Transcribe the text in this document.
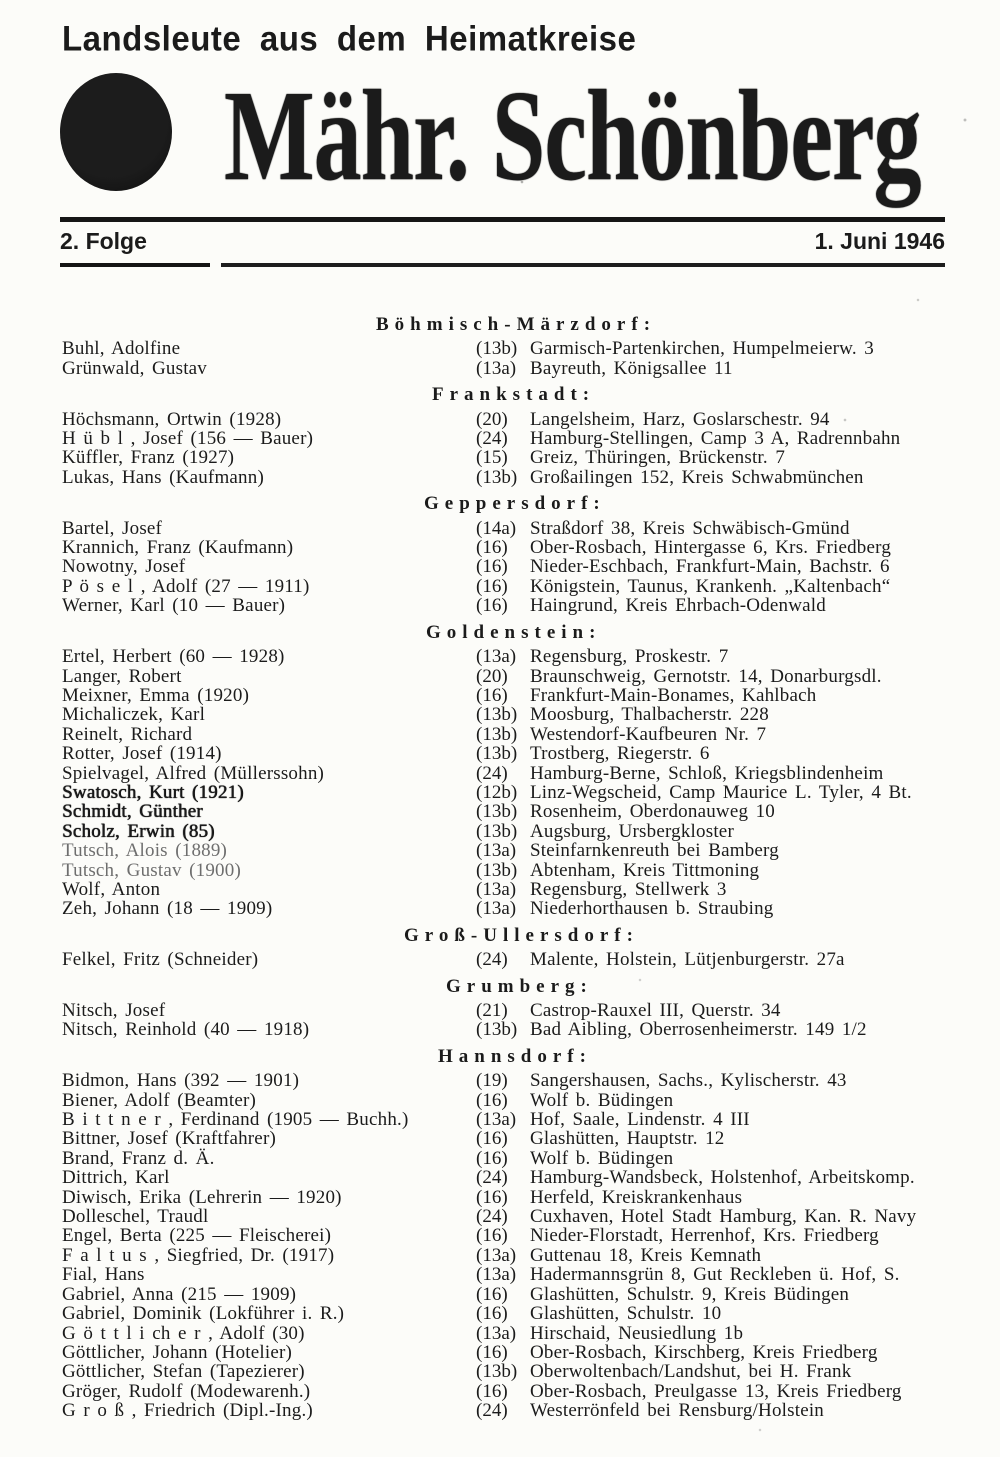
Landsleute aus dem Heimatkreise
Mähr. Schönberg
2. Folge	1. Juni 1946
Böhmisch-Märzdorf:
Buhl, Adolfine	(13b) Garmisch-Partenkirchen, Humpelmeierw. 3
Grünwald, Gustav	(13a) Bayreuth, Königsallee 11
Frankstadt:
Höchsmann, Ortwin (1928)	(20)	Langelsheim, Harz, Goslarschestr. 94
H ü b l , Josef (156 — Bauer)	(24)	Hamburg-Stellingen, Camp 3 A, Radrennbahn
Küffler, Franz (1927)	(15)	Greiz, Thüringen, Brückenstr. 7
Lukas, Hans (Kaufmann)	(13b) Großailingen 152, Kreis Schwabmünchen
Geppersdorf:
Bartel, Josef	(14a) Straßdorf 38, Kreis Schwäbisch-Gmünd
Krannich, Franz (Kaufmann)	(16)	Ober-Rosbach, Hintergasse 6, Krs. Friedberg
Nowotny, Josef	(16)	Nieder-Eschbach, Frankfurt-Main, Bachstr. 6
P ö s e l , Adolf (27 — 1911)	(16)	Königstein, Taunus, Krankenh. „Kaltenbach“
Werner, Karl (10 — Bauer)	(16)	Haingrund, Kreis Ehrbach-Odenwald
Goldenstein:
Ertel, Herbert (60 — 1928)	(13a) Regensburg, Proskestr. 7
Langer, Robert	(20)	Braunschweig, Gernotstr. 14, Donarburgsdl.
Meixner, Emma (1920)	(16)	Frankfurt-Main-Bonames, Kahlbach
Michaliczek, Karl	(13b) Moosburg, Thalbacherstr. 228
Reinelt, Richard	(13b) Westendorf-Kaufbeuren Nr. 7
Rotter, Josef (1914)	(13b) Trostberg, Riegerstr. 6
Spielvagel, Alfred (Müllerssohn)	(24)	Hamburg-Berne, Schloß, Kriegsblindenheim
Swatosch, Kurt (1921)	(12b) Linz-Wegscheid, Camp Maurice L. Tyler, 4 Bt.
Schmidt, Günther	(13b) Rosenheim, Oberdonauweg 10
Scholz, Erwin (85)	(13b) Augsburg, Ursbergkloster
Tutsch, Alois (1889)	(13a) Steinfarnkenreuth bei Bamberg
Tutsch, Gustav (1900)	(13b) Abtenham, Kreis Tittmoning
Wolf, Anton	(13a) Regensburg, Stellwerk 3
Zeh, Johann (18 — 1909)	(13a) Niederhorthausen b. Straubing
Groß-Ullersdorf:
Felkel, Fritz (Schneider)	(24)	Malente, Holstein, Lütjenburgerstr. 27a
Grumberg:
Nitsch, Josef	(21)	Castrop-Rauxel III, Querstr. 34
Nitsch, Reinhold (40 — 1918)	(13b) Bad Aibling, Oberrosenheimerstr. 149 1/2
Hannsdorf:
Bidmon, Hans (392 — 1901)	(19)	Sangershausen, Sachs., Kylischerstr. 43
Biener, Adolf (Beamter)	(16)	Wolf b. Büdingen
B i t t n e r , Ferdinand (1905 — Buchh.)	(13a) Hof, Saale, Lindenstr. 4 III
Bittner, Josef (Kraftfahrer)	(16)	Glashütten, Hauptstr. 12
Brand, Franz d. Ä.	(16)	Wolf b. Büdingen
Dittrich, Karl	(24)	Hamburg-Wandsbeck, Holstenhof, Arbeitskomp.
Diwisch, Erika (Lehrerin — 1920)	(16)	Herfeld, Kreiskrankenhaus
Dolleschel, Traudl	(24)	Cuxhaven, Hotel Stadt Hamburg, Kan. R. Navy
Engel, Berta (225 — Fleischerei)	(16)	Nieder-Florstadt, Herrenhof, Krs. Friedberg
F a l t u s , Siegfried, Dr. (1917)	(13a) Guttenau 18, Kreis Kemnath
Fial, Hans	(13a) Hadermannsgrün 8, Gut Reckleben ü. Hof, S.
Gabriel, Anna (215 — 1909)	(16)	Glashütten, Schulstr. 9, Kreis Büdingen
Gabriel, Dominik (Lokführer i. R.)	(16)	Glashütten, Schulstr. 10
G ö t t l i ch e r , Adolf (30)	(13a) Hirschaid, Neusiedlung 1b
Göttlicher, Johann (Hotelier)	(16)	Ober-Rosbach, Kirschberg, Kreis Friedberg
Göttlicher, Stefan (Tapezierer)	(13b) Oberwoltenbach/Landshut, bei H. Frank
Gröger, Rudolf (Modewarenh.)	(16)	Ober-Rosbach, Preulgasse 13, Kreis Friedberg
G r o ß , Friedrich (Dipl.-Ing.)	(24)	Westerrönfeld bei Rensburg/Holstein
